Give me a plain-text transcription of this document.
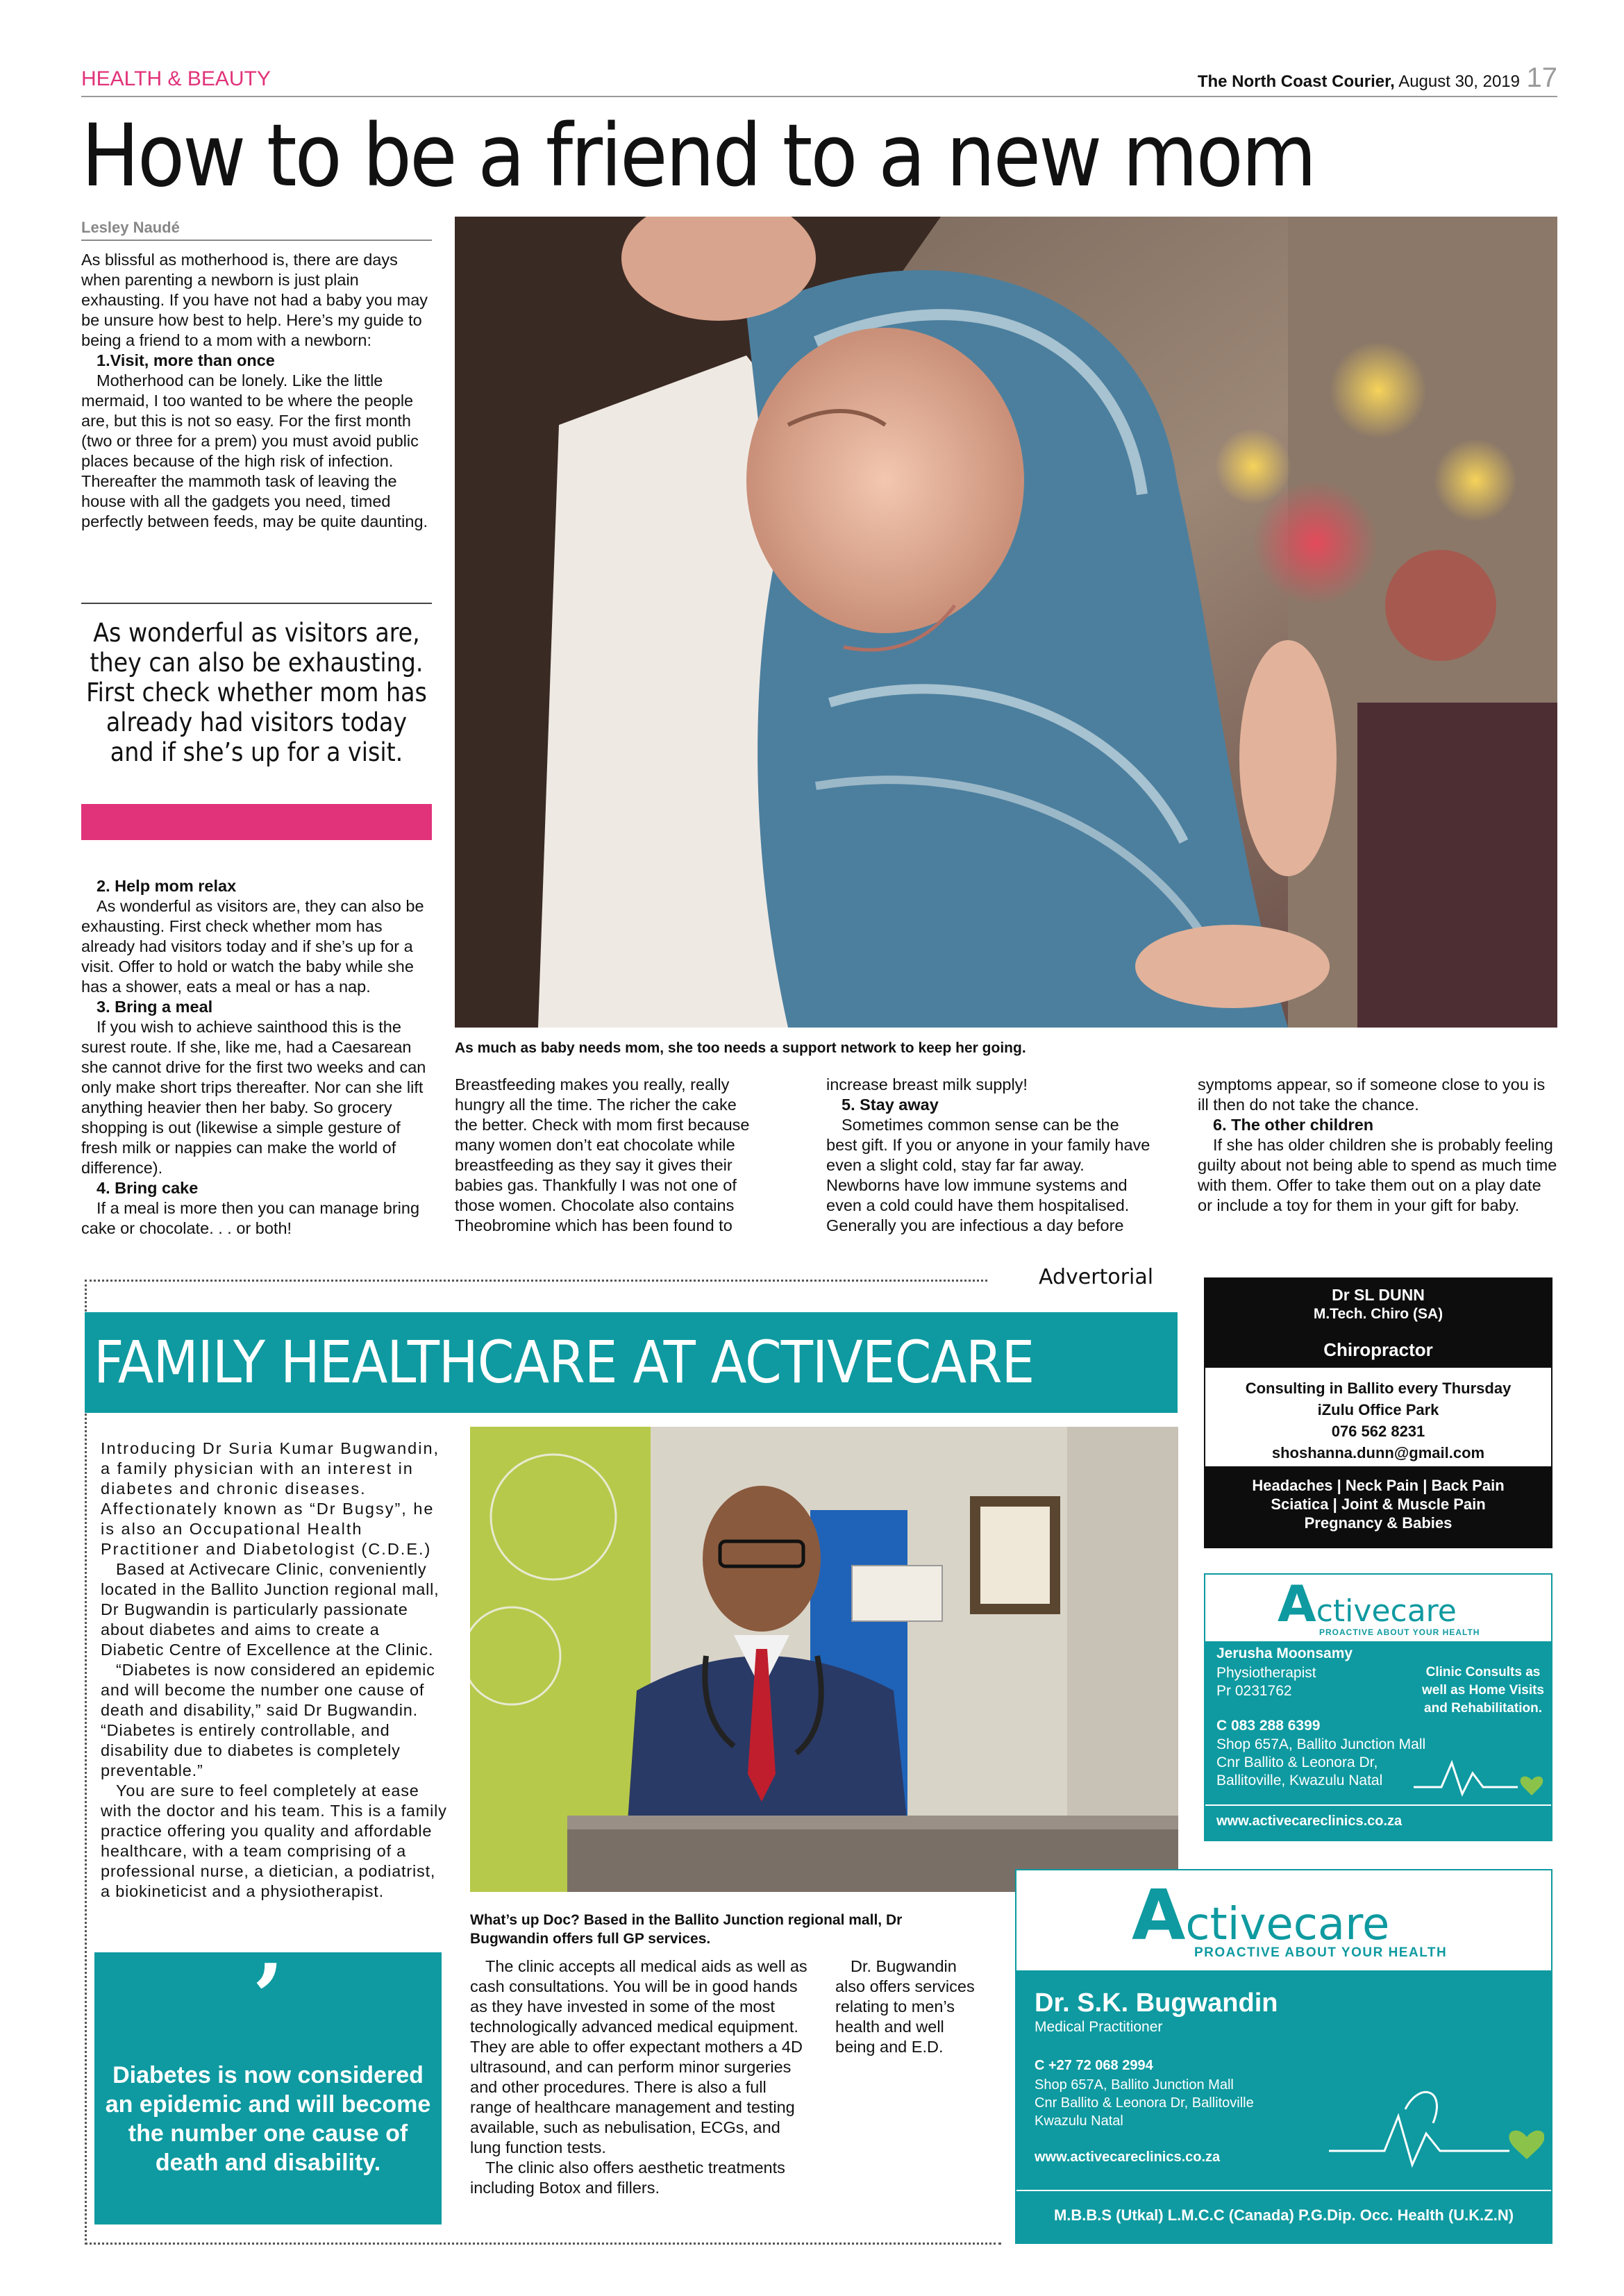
HEALTH & BEAUTY	The North Coast Courier, August 30, 2019 17
How to be a friend to a new mom
Lesley Naudé

As blissful as motherhood is, there are days when parenting a newborn is just plain exhausting. If you have not had a baby you may be unsure how best to help. Here’s my guide to being a friend to a mom with a newborn:

1.Visit, more than once

Motherhood can be lonely. Like the little mermaid, I too wanted to be where the people are, but this is not so easy. For the first month (two or three for a prem) you must avoid public places because of the high risk of infection. Thereafter the mammoth task of leaving the house with all the gadgets you need, timed perfectly between feeds, may be quite daunting.

As wonderful as visitors are, they can also be exhausting. First check whether mom has already had visitors today and if she’s up for a visit.
As much as baby needs mom, she too needs a support network to keep her going.

2. Help mom relax

As wonderful as visitors are, they can also be exhausting. First check whether mom has already had visitors today and if she’s up for a visit. Offer to hold or watch the baby while she has a shower, eats a meal or has a nap.

3. Bring a meal

If you wish to achieve sainthood this is the surest route. If she, like me, had a Caesarean she cannot drive for the first two weeks and can only make short trips thereafter. Nor can she lift anything heavier then her baby. So grocery shopping is out (likewise a simple gesture of fresh milk or nappies can make the world of difference).

4. Bring cake

If a meal is more then you can manage bring cake or chocolate. . . or both!

Breastfeeding makes you really, really hungry all the time. The richer the cake the better. Check with mom first because many women don’t eat chocolate while breastfeeding as they say it gives their babies gas. Thankfully I was not one of those women. Chocolate also contains Theobromine which has been found to

increase breast milk supply!

5. Stay away

Sometimes common sense can be the best gift. If you or anyone in your family have even a slight cold, stay far far away. Newborns have low immune systems and even a cold could have them hospitalised. Generally you are infectious a day before

symptoms appear, so if someone close to you is ill then do not take the chance.

6. The other children

If she has older children she is probably feeling guilty about not being able to spend as much time with them. Offer to take them out on a play date or include a toy for them in your gift for baby.

Advertorial
FAMILY HEALTHCARE AT ACTIVECARE

Introducing Dr Suria Kumar Bugwandin, a family physician with an interest in diabetes and chronic diseases. Affectionately known as “Dr Bugsy”, he is also an Occupational Health Practitioner and Diabetologist (C.D.E.)

Based at Activecare Clinic, conveniently located in the Ballito Junction regional mall, Dr Bugwandin is particularly passionate about diabetes and aims to create a Diabetic Centre of Excellence at the Clinic.

“Diabetes is now considered an epidemic and will become the number one cause of death and disability,” said Dr Bugwandin. “Diabetes is entirely controllable, and disability due to diabetes is completely preventable.”

You are sure to feel completely at ease with the doctor and his team. This is a family practice offering you quality and affordable healthcare, with a team comprising of a professional nurse, a dietician, a podiatrist, a biokineticist and a physiotherapist.

What’s up Doc? Based in the Ballito Junction regional mall, Dr Bugwandin offers full GP services.

The clinic accepts all medical aids as well as cash consultations. You will be in good hands as they have invested in some of the most technologically advanced medical equipment. They are able to offer expectant mothers a 4D ultrasound, and can perform minor surgeries and other procedures. There is also a full range of healthcare management and testing available, such as nebulisation, ECGs, and lung function tests.

The clinic also offers aesthetic treatments including Botox and fillers.

Dr. Bugwandin also offers services relating to men’s health and well being and E.D.

’
Diabetes is now considered an epidemic and will become the number one cause of death and disability.
Dr SL DUNN
M.Tech. Chiro (SA)
Chiropractor
Consulting in Ballito every Thursday
iZulu Office Park
076 562 8231
shoshanna.dunn@gmail.com
Headaches | Neck Pain | Back Pain
Sciatica | Joint & Muscle Pain
Pregnancy & Babies
Activecare
PROACTIVE ABOUT YOUR HEALTH
Jerusha Moonsamy
Physiotherapist
Pr 0231762
Clinic Consults as well as Home Visits and Rehabilitation.
C 083 288 6399
Shop 657A, Ballito Junction Mall
Cnr Ballito & Leonora Dr,
Ballitoville, Kwazulu Natal
www.activecareclinics.co.za
Activecare
PROACTIVE ABOUT YOUR HEALTH
Dr. S.K. Bugwandin
Medical Practitioner
C +27 72 068 2994
Shop 657A, Ballito Junction Mall
Cnr Ballito & Leonora Dr, Ballitoville
Kwazulu Natal
www.activecareclinics.co.za
M.B.B.S (Utkal) L.M.C.C (Canada) P.G.Dip. Occ. Health (U.K.Z.N)
